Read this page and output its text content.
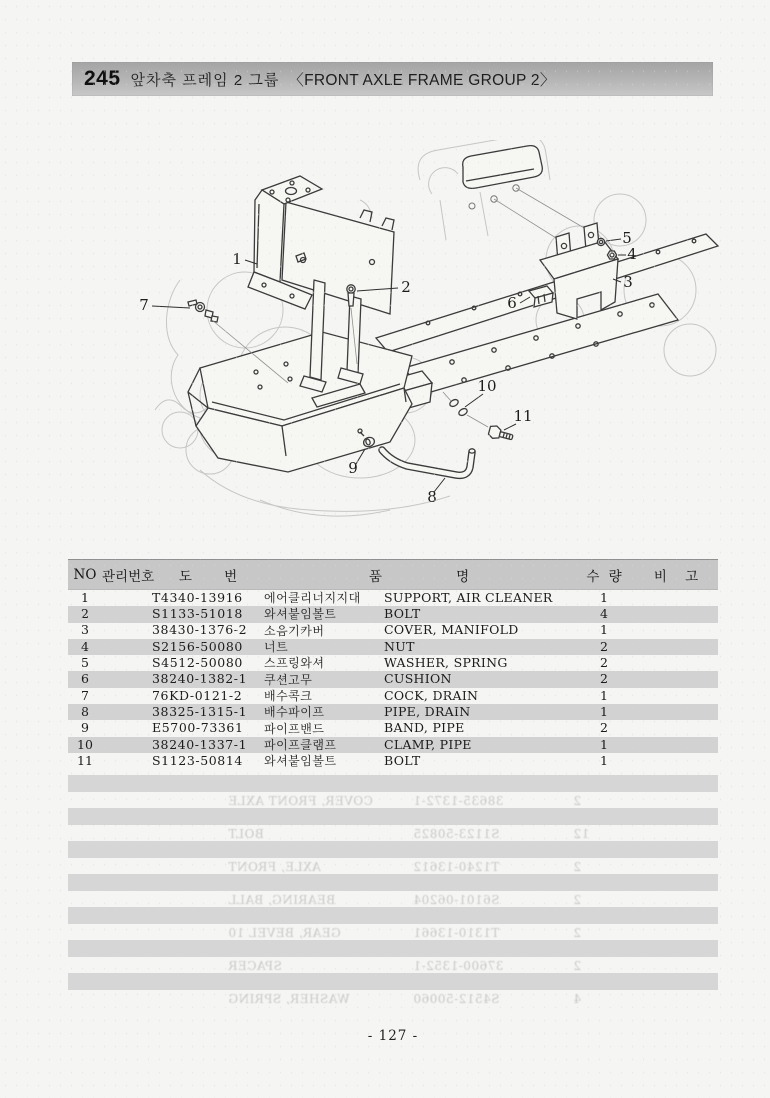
245 앞차축 프레임 2 그룹 〈FRONT AXLE FRAME GROUP 2〉
1
2	3
4
5
6
7
8
9
10
11
NO	관리번호	도 번	품 명		수 량	비 고
1		T4340-13916	에어클리너지지대	SUPPORT, AIR CLEANER	1	
2		S1133-51018	와셔붙임볼트	BOLT	4	
3		38430-1376-2	소음기카버	COVER, MANIFOLD	1	
4		S2156-50080	너트	NUT	2	
5		S4512-50080	스프링와셔	WASHER, SPRING	2	
6		38240-1382-1	쿠션고무	CUSHION	2	
7		76KD-0121-2	배수콕크	COCK, DRAIN	1	
8		38325-1315-1	배수파이프	PIPE, DRAIN	1	
9		E5700-73361	파이프밴드	BAND, PIPE	2	
10		38240-1337-1	파이프클램프	CLAMP, PIPE	1	
11		S1123-50814	와셔붙임볼트	BOLT	1	
COVER, FRONT AXLE	38635-1372-1	2
BOLT	S1123-50825	12
AXLE, FRONT	T1240-13612	2
BEARING, BALL	S6101-06204	2
GEAR, BEVEL 10	T1310-13661	2
SPACER	37600-1352-1	2
WASHER, SPRING	S4512-50060	4
- 127 -
